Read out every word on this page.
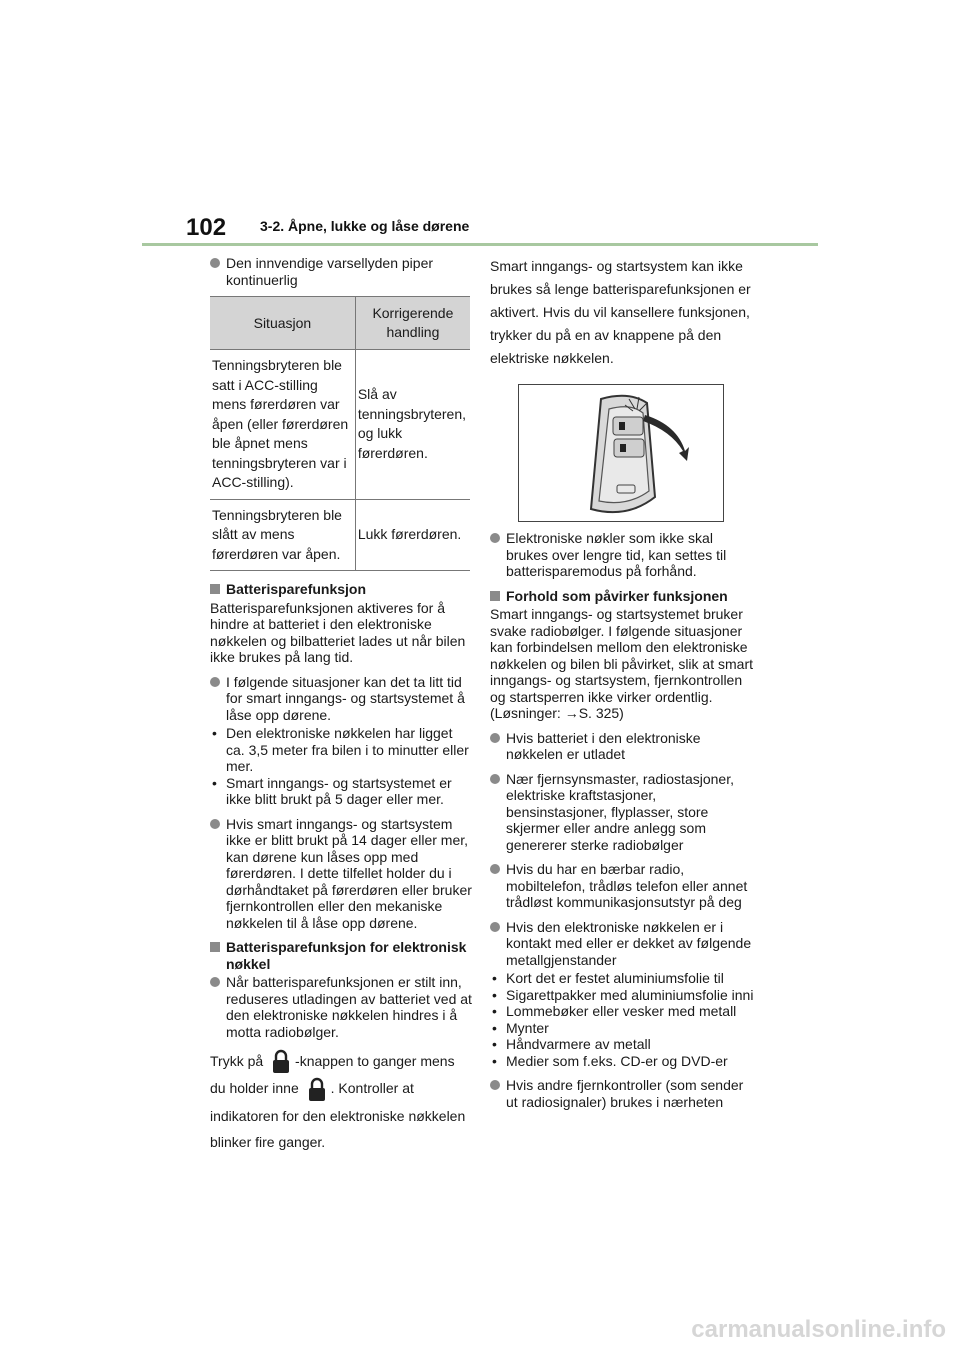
102 3-2. Åpne, lukke og låse dørene
Den innvendige varsellyden piper kontinuerlig
Situasjon	Korrigerende handling
Tenningsbryteren ble satt i ACC-stilling mens førerdøren var åpen (eller førerdøren ble åpnet mens tenningsbryteren var i ACC-stilling).	Slå av tenningsbryteren, og lukk førerdøren.
Tenningsbryteren ble slått av mens førerdøren var åpen.	Lukk førerdøren.
Batterisparefunksjon
Batterisparefunksjonen aktiveres for å hindre at batteriet i den elektroniske nøkkelen og bilbatteriet lades ut når bilen ikke brukes på lang tid.
I følgende situasjoner kan det ta litt tid for smart inngangs- og startsystemet å låse opp dørene.
• Den elektroniske nøkkelen har ligget ca. 3,5 meter fra bilen i to minutter eller mer.
• Smart inngangs- og startsystemet er ikke blitt brukt på 5 dager eller mer.
Hvis smart inngangs- og startsystem ikke er blitt brukt på 14 dager eller mer, kan dørene kun låses opp med førerdøren. I dette tilfellet holder du i dørhåndtaket på førerdøren eller bruker fjernkontrollen eller den mekaniske nøkkelen til å låse opp dørene.
Batterisparefunksjon for elektronisk nøkkel
Når batterisparefunksjonen er stilt inn, reduseres utladingen av batteriet ved at den elektroniske nøkkelen hindres i å motta radiobølger.
Trykk på -knappen to ganger mens du holder inne . Kontroller at indikatoren for den elektroniske nøkkelen blinker fire ganger.
Smart inngangs- og startsystem kan ikke brukes så lenge batterisparefunksjonen er aktivert. Hvis du vil kansellere funksjonen, trykker du på en av knappene på den elektriske nøkkelen.
Elektroniske nøkler som ikke skal brukes over lengre tid, kan settes til batterisparemodus på forhånd.
Forhold som påvirker funksjonen
Smart inngangs- og startsystemet bruker svake radiobølger. I følgende situasjoner kan forbindelsen mellom den elektroniske nøkkelen og bilen bli påvirket, slik at smart inngangs- og startsystem, fjernkontrollen og startsperren ikke virker ordentlig. (Løsninger: →S. 325)
Hvis batteriet i den elektroniske nøkkelen er utladet
Nær fjernsynsmaster, radiostasjoner, elektriske kraftstasjoner, bensinstasjoner, flyplasser, store skjermer eller andre anlegg som genererer sterke radiobølger
Hvis du har en bærbar radio, mobiltelefon, trådløs telefon eller annet trådløst kommunikasjonsutstyr på deg
Hvis den elektroniske nøkkelen er i kontakt med eller er dekket av følgende metallgjenstander
• Kort det er festet aluminiumsfolie til
• Sigarettpakker med aluminiumsfolie inni
• Lommebøker eller vesker med metall
• Mynter
• Håndvarmere av metall
• Medier som f.eks. CD-er og DVD-er
Hvis andre fjernkontroller (som sender ut radiosignaler) brukes i nærheten
carmanualsonline.info
